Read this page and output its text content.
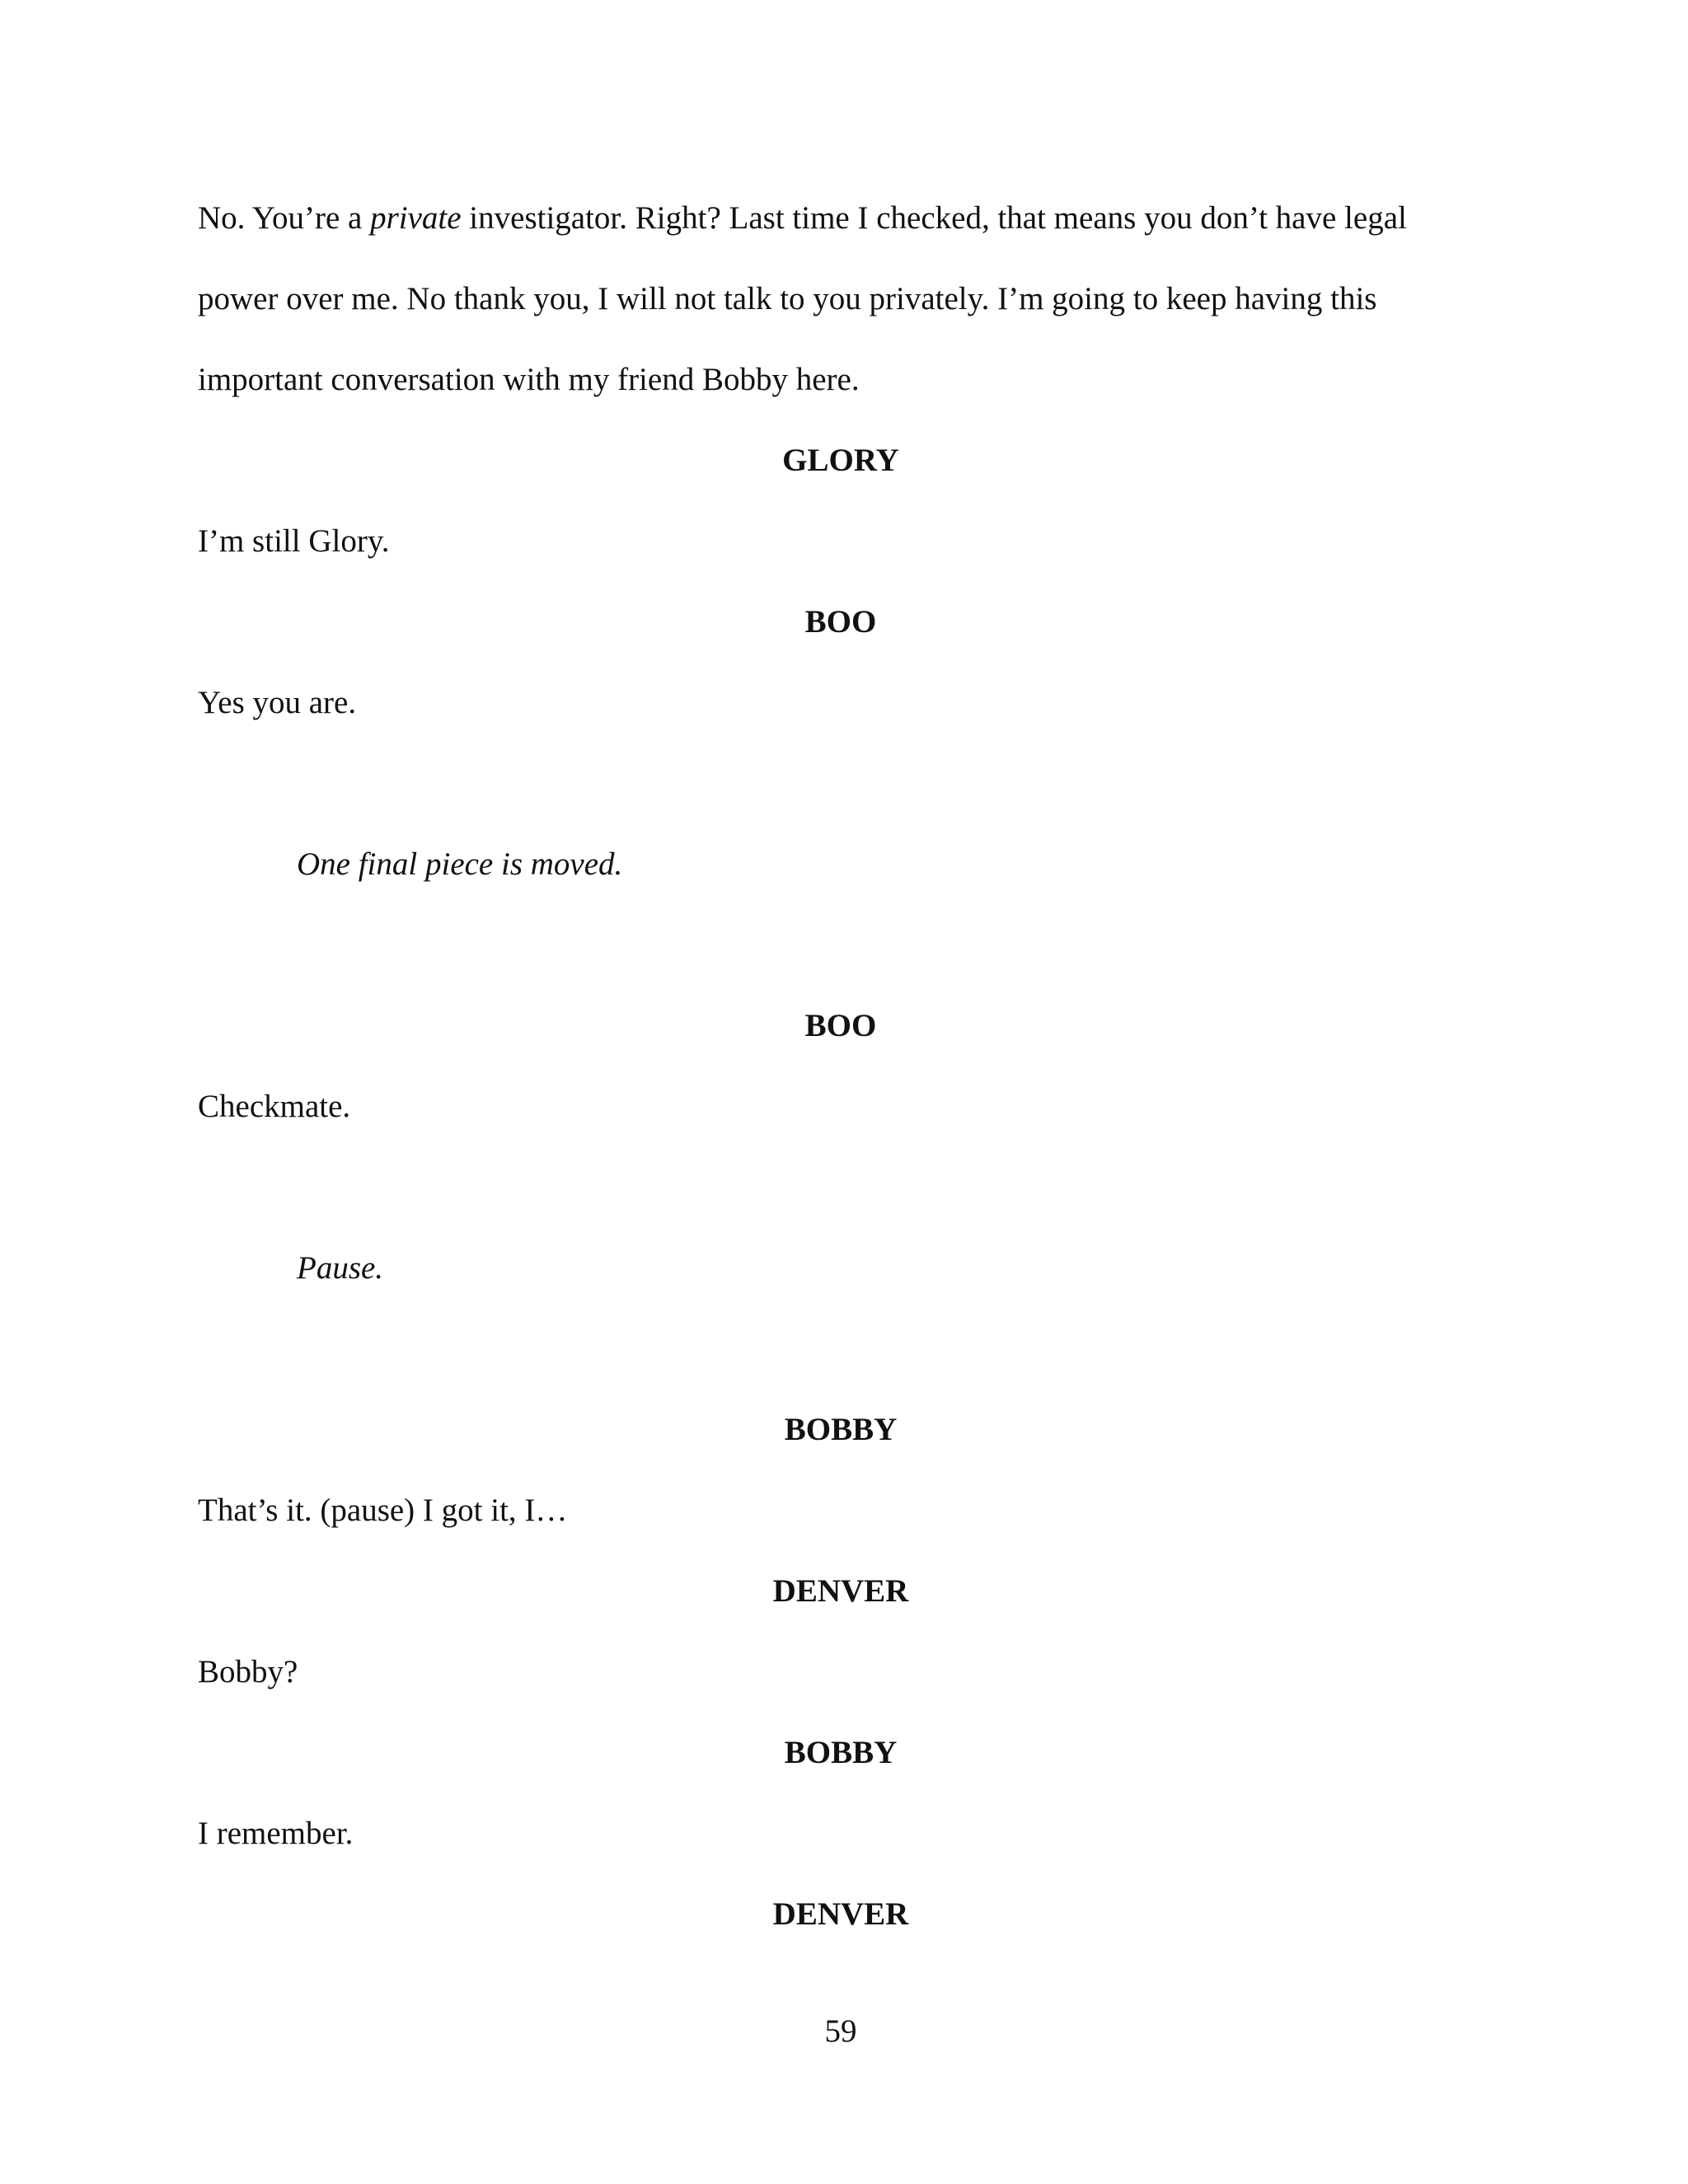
No. You’re a private investigator. Right? Last time I checked, that means you don’t have legal
power over me. No thank you, I will not talk to you privately. I’m going to keep having this
important conversation with my friend Bobby here.
GLORY
I’m still Glory.
BOO
Yes you are.
One final piece is moved.
BOO
Checkmate.
Pause.
BOBBY
That’s it. (pause) I got it, I…
DENVER
Bobby?
BOBBY
I remember.
DENVER
59
